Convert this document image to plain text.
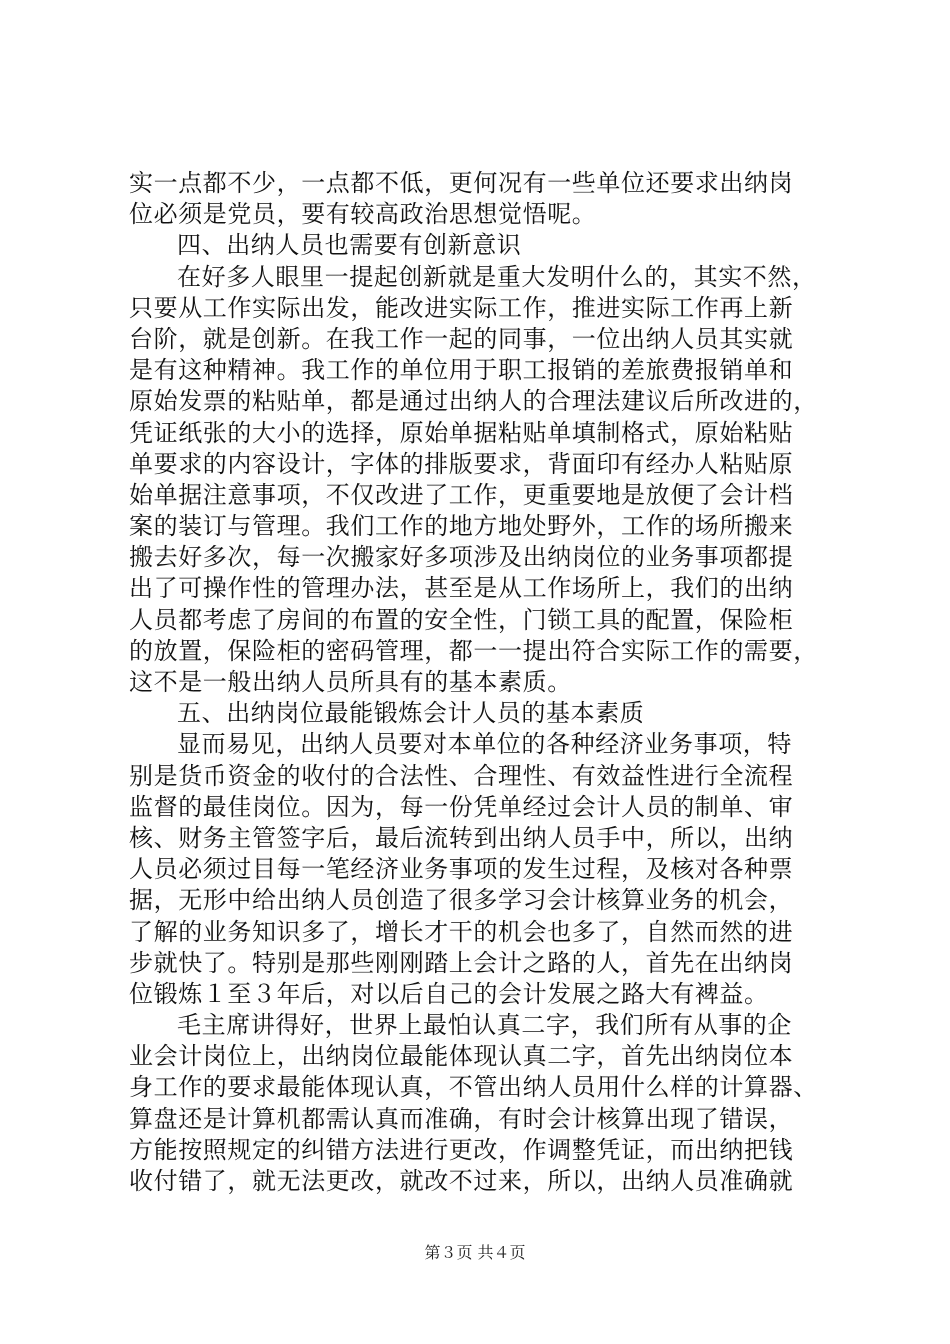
实一点都不少，一点都不低，更何况有一些单位还要求出纳岗
位必须是党员，要有较高政治思想觉悟呢。
四、出纳人员也需要有创新意识
在好多人眼里一提起创新就是重大发明什么的，其实不然，
只要从工作实际出发，能改进实际工作，推进实际工作再上新
台阶，就是创新。在我工作一起的同事，一位出纳人员其实就
是有这种精神。我工作的单位用于职工报销的差旅费报销单和
原始发票的粘贴单，都是通过出纳人的合理法建议后所改进的，
凭证纸张的大小的选择，原始单据粘贴单填制格式，原始粘贴
单要求的内容设计，字体的排版要求，背面印有经办人粘贴原
始单据注意事项，不仅改进了工作，更重要地是放便了会计档
案的装订与管理。我们工作的地方地处野外，工作的场所搬来
搬去好多次，每一次搬家好多项涉及出纳岗位的业务事项都提
出了可操作性的管理办法，甚至是从工作场所上，我们的出纳
人员都考虑了房间的布置的安全性，门锁工具的配置，保险柜
的放置，保险柜的密码管理，都一一提出符合实际工作的需要，
这不是一般出纳人员所具有的基本素质。
五、出纳岗位最能锻炼会计人员的基本素质
显而易见，出纳人员要对本单位的各种经济业务事项，特
别是货币资金的收付的合法性、合理性、有效益性进行全流程
监督的最佳岗位。因为，每一份凭单经过会计人员的制单、审
核、财务主管签字后，最后流转到出纳人员手中，所以，出纳
人员必须过目每一笔经济业务事项的发生过程，及核对各种票
据，无形中给出纳人员创造了很多学习会计核算业务的机会，
了解的业务知识多了，增长才干的机会也多了，自然而然的进
步就快了。特别是那些刚刚踏上会计之路的人，首先在出纳岗
位锻炼１至３年后，对以后自己的会计发展之路大有裨益。
毛主席讲得好，世界上最怕认真二字，我们所有从事的企
业会计岗位上，出纳岗位最能体现认真二字，首先出纳岗位本
身工作的要求最能体现认真，不管出纳人员用什么样的计算器、
算盘还是计算机都需认真而准确，有时会计核算出现了错误，
方能按照规定的纠错方法进行更改，作调整凭证，而出纳把钱
收付错了，就无法更改，就改不过来，所以，出纳人员准确就
第３页 共４页
